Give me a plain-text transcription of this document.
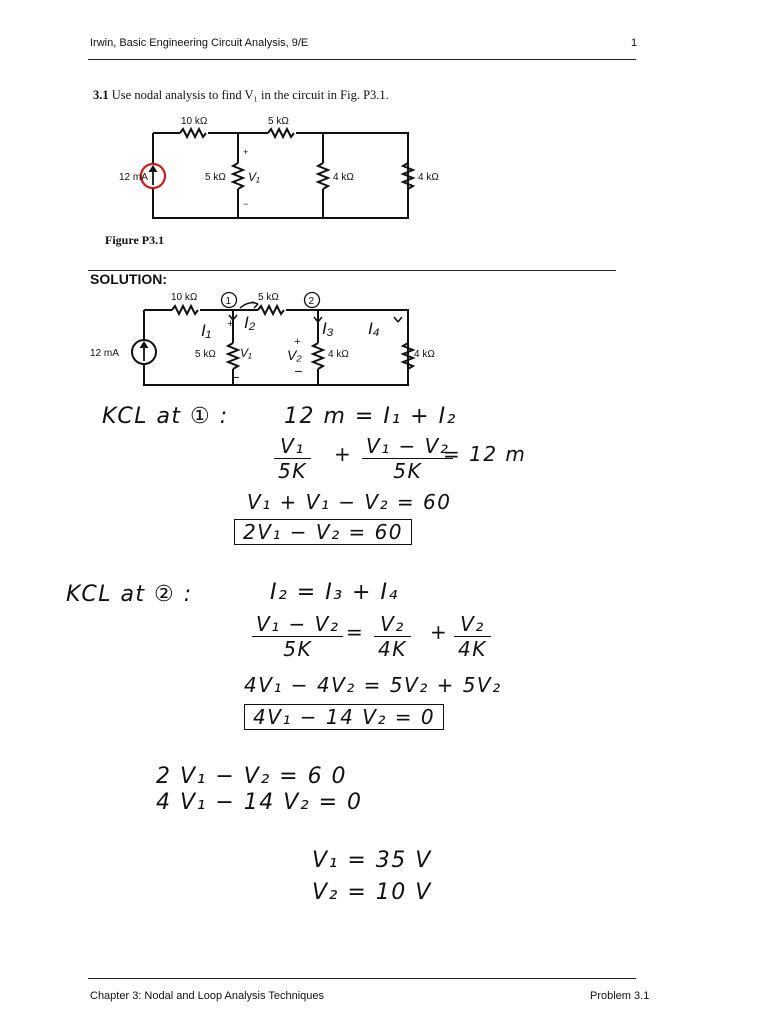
Irwin, Basic Engineering Circuit Analysis, 9/E	1
3.1 Use nodal analysis to find V₁ in the circuit in Fig. P3.1.
12 mA
10 kΩ	5 kΩ
5 kΩ	4 kΩ	4 kΩ
V₁
+
−
Figure P3.1
SOLUTION:
12 mA
10 kΩ	5 kΩ
5 kΩ	4 kΩ	4 kΩ
1	2
V₁
I₁ + I₂	I₃ I₄
+
V₂
−	−
KCL at ① :	12 m = I₁ + I₂
$\frac{\text{V₁}}{5K} + \frac{\text{V₁ − V₂}}{5K}$
= 12 m
V₁ + V₁ − V₂ = 60
2V₁ − V₂ = 60
KCL at ② :	I₂ = I₃ + I₄
$\frac{\text{V₁ − V₂}}{5K} = \frac{\text{V₂}}{4K} + \frac{\text{V₂}}{4K}$
4V₁ − 4V₂ = 5V₂ + 5V₂
4V₁ − 14 V₂ = 0
2 V₁ − V₂ = 6 0
4 V₁ − 14 V₂ = 0
V₁ = 35 V
V₂ = 10 V
Chapter 3: Nodal and Loop Analysis Techniques	Problem 3.1
